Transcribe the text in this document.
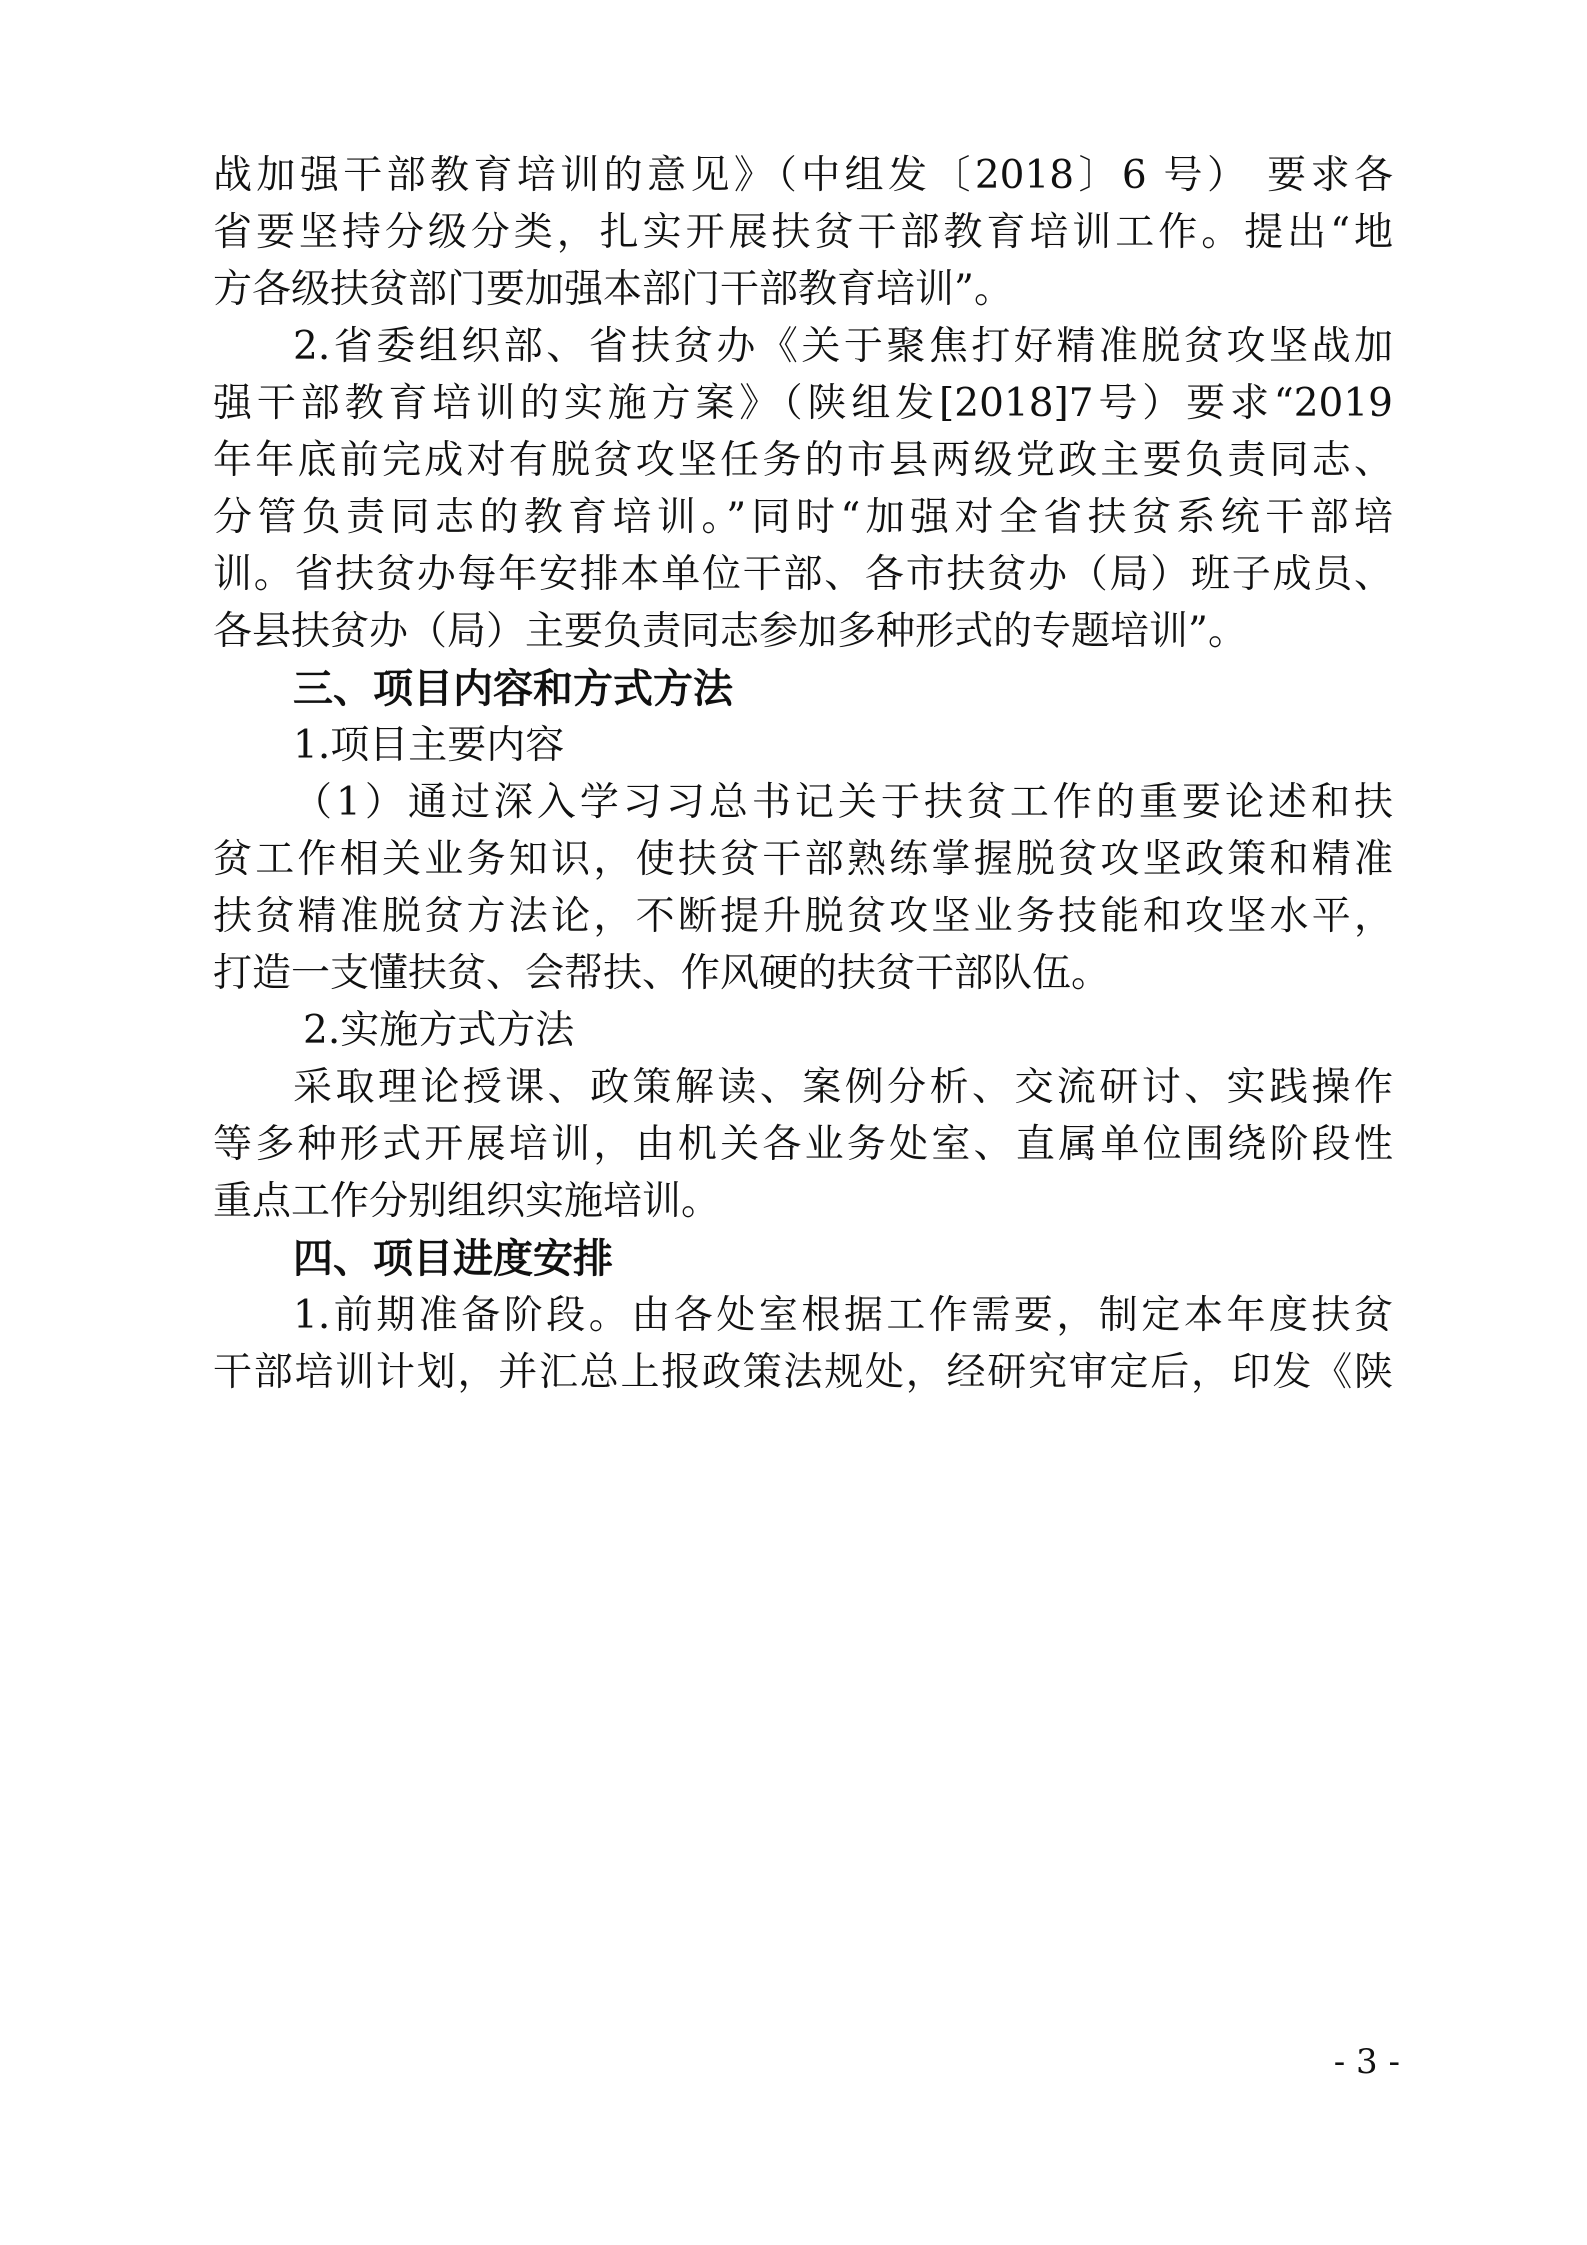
战加强干部教育培训的意见》（中组发〔2018〕6 号） 要求各
省要坚持分级分类，扎实开展扶贫干部教育培训工作。提出“地
方各级扶贫部门要加强本部门干部教育培训”。
2.省委组织部、省扶贫办《关于聚焦打好精准脱贫攻坚战加
强干部教育培训的实施方案》（陕组发[2018]7号）要求“2019
年年底前完成对有脱贫攻坚任务的市县两级党政主要负责同志、
分管负责同志的教育培训。”同时“加强对全省扶贫系统干部培
训。省扶贫办每年安排本单位干部、各市扶贫办（局）班子成员、
各县扶贫办（局）主要负责同志参加多种形式的专题培训”。
三、项目内容和方式方法
1.项目主要内容
（1）通过深入学习习总书记关于扶贫工作的重要论述和扶
贫工作相关业务知识，使扶贫干部熟练掌握脱贫攻坚政策和精准
扶贫精准脱贫方法论，不断提升脱贫攻坚业务技能和攻坚水平，
打造一支懂扶贫、会帮扶、作风硬的扶贫干部队伍。
2.实施方式方法
采取理论授课、政策解读、案例分析、交流研讨、实践操作
等多种形式开展培训，由机关各业务处室、直属单位围绕阶段性
重点工作分别组织实施培训。
四、项目进度安排
1.前期准备阶段。由各处室根据工作需要，制定本年度扶贫
干部培训计划，并汇总上报政策法规处，经研究审定后，印发《陕
- 3 -
